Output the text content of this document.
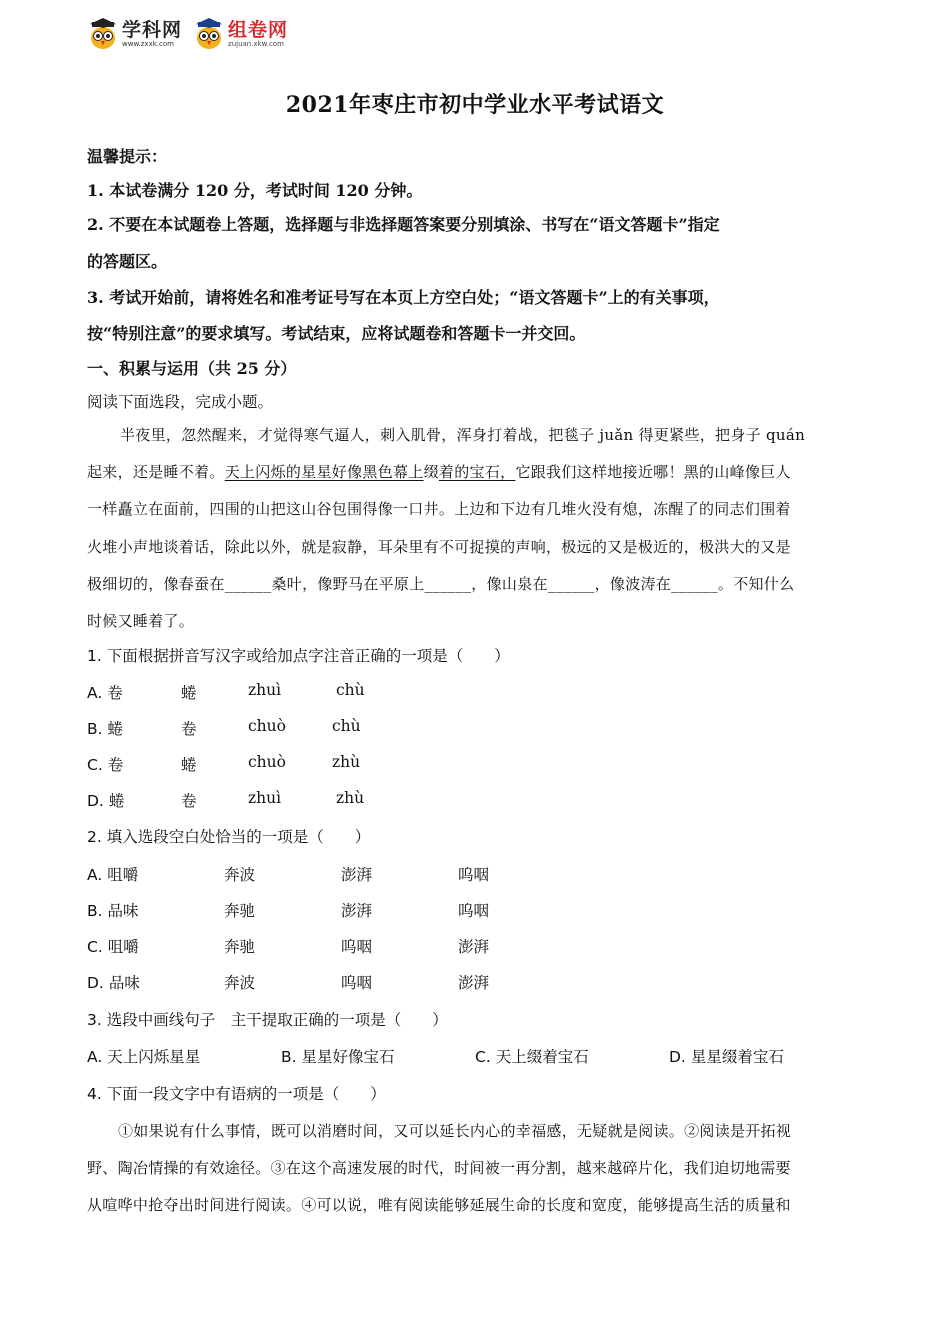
学科网
www.zxxk.com
组卷网
zujuan.xkw.com
2021年枣庄市初中学业水平考试语文
温馨提示：
1. 本试卷满分 120 分，考试时间 120 分钟。
2. 不要在本试题卷上答题，选择题与非选择题答案要分别填涂、书写在“语文答题卡”指定
的答题区。
3. 考试开始前，请将姓名和准考证号写在本页上方空白处；“语文答题卡”上的有关事项，
按“特别注意”的要求填写。考试结束，应将试题卷和答题卡一并交回。
一、积累与运用（共 25 分）
阅读下面选段，完成小题。
半夜里，忽然醒来，才觉得寒气逼人，刺入肌骨，浑身打着战，把毯子 juǎn 得更紧些，把身子 quán
起来，还是睡不着。天上闪烁的星星好像黑色幕上缀着的宝石，它跟我们这样地接近哪！黑的山峰像巨人
一样矗立在面前，四围的山把这山谷包围得像一口井。上边和下边有几堆火没有熄，冻醒了的同志们围着
火堆小声地谈着话，除此以外，就是寂静，耳朵里有不可捉摸的声响，极远的又是极近的，极洪大的又是
极细切的，像春蚕在______桑叶，像野马在平原上______，像山泉在______，像波涛在______。不知什么
时候又睡着了。
1. 下面根据拼音写汉字或给加点字注音正确的一项是（　　）
A. 卷	蜷	zhuì	chù
B. 蜷	卷	chuò	chù
C. 卷	蜷	chuò	zhù
D. 蜷	卷	zhuì	zhù
2. 填入选段空白处恰当的一项是（　　）
A. 咀嚼	奔波	澎湃	呜咽
B. 品味	奔驰	澎湃	呜咽
C. 咀嚼	奔驰	呜咽	澎湃
D. 品味	奔波	呜咽	澎湃
3. 选段中画线句子　主干提取正确的一项是（　　）
A. 天上闪烁星星	B. 星星好像宝石	C. 天上缀着宝石	D. 星星缀着宝石
4. 下面一段文字中有语病的一项是（　　）
①如果说有什么事情，既可以消磨时间，又可以延长内心的幸福感，无疑就是阅读。②阅读是开拓视
野、陶冶情操的有效途径。③在这个高速发展的时代，时间被一再分割，越来越碎片化，我们迫切地需要
从喧哗中抢夺出时间进行阅读。④可以说，唯有阅读能够延展生命的长度和宽度，能够提高生活的质量和
